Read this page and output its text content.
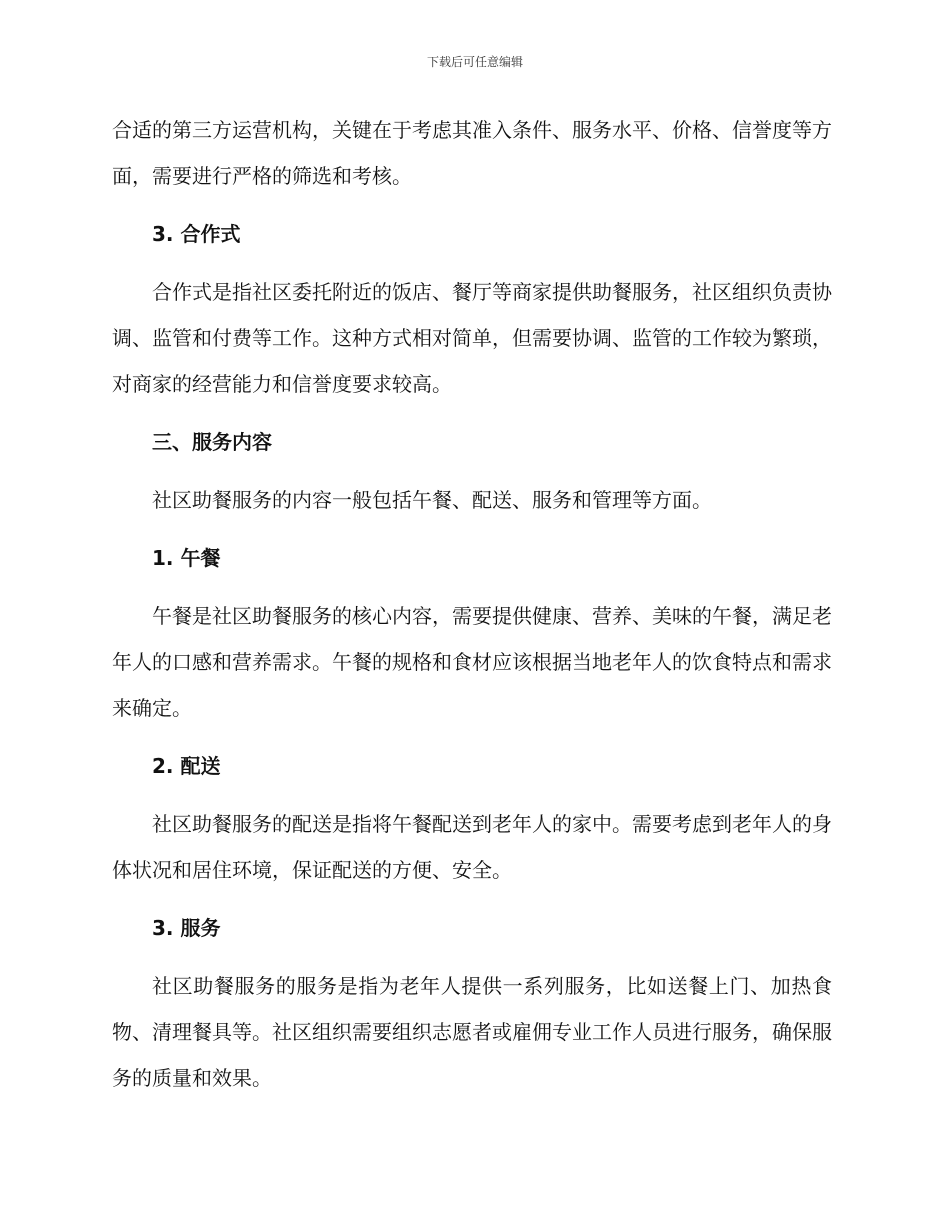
下载后可任意编辑

合适的第三方运营机构，关键在于考虑其准入条件、服务水平、价格、信誉度等方面，需要进行严格的筛选和考核。

3. 合作式

合作式是指社区委托附近的饭店、餐厅等商家提供助餐服务，社区组织负责协调、监管和付费等工作。这种方式相对简单，但需要协调、监管的工作较为繁琐，对商家的经营能力和信誉度要求较高。

三、服务内容

社区助餐服务的内容一般包括午餐、配送、服务和管理等方面。

1. 午餐

午餐是社区助餐服务的核心内容，需要提供健康、营养、美味的午餐，满足老年人的口感和营养需求。午餐的规格和食材应该根据当地老年人的饮食特点和需求来确定。

2. 配送

社区助餐服务的配送是指将午餐配送到老年人的家中。需要考虑到老年人的身体状况和居住环境，保证配送的方便、安全。

3. 服务

社区助餐服务的服务是指为老年人提供一系列服务，比如送餐上门、加热食物、清理餐具等。社区组织需要组织志愿者或雇佣专业工作人员进行服务，确保服务的质量和效果。
